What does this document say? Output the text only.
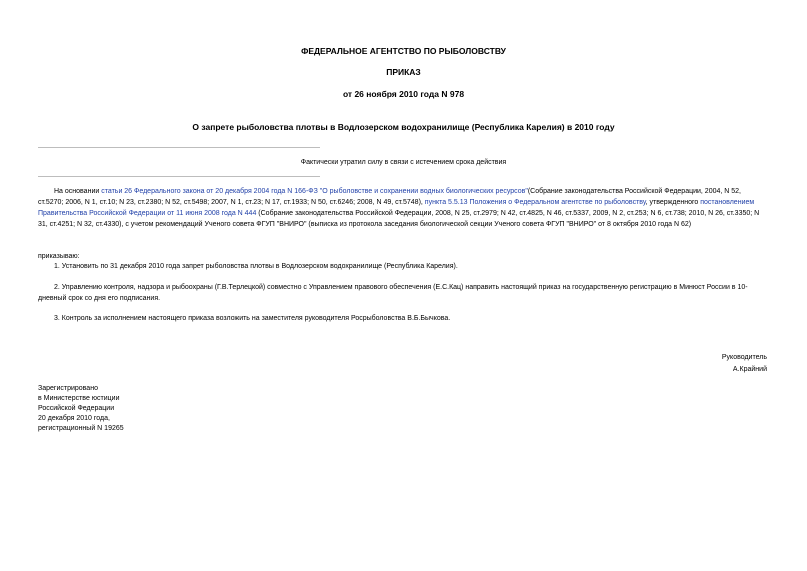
ФЕДЕРАЛЬНОЕ АГЕНТСТВО ПО РЫБОЛОВСТВУ
ПРИКАЗ
от 26 ноября 2010 года N 978
О запрете рыболовства плотвы в Водлозерском водохранилище (Республика Карелия) в 2010 году
Фактически утратил силу в связи с истечением срока действия
На основании статьи 26 Федерального закона от 20 декабря 2004 года N 166-ФЗ "О рыболовстве и сохранении водных биологических ресурсов"(Собрание законодательства Российской Федерации, 2004, N 52, ст.5270; 2006, N 1, ст.10; N 23, ст.2380; N 52, ст.5498; 2007, N 1, ст.23; N 17, ст.1933; N 50, ст.6246; 2008, N 49, ст.5748), пункта 5.5.13 Положения о Федеральном агентстве по рыболовству, утвержденного постановлением Правительства Российской Федерации от 11 июня 2008 года N 444 (Собрание законодательства Российской Федерации, 2008, N 25, ст.2979; N 42, ст.4825, N 46, ст.5337, 2009, N 2, ст.253; N 6, ст.738; 2010, N 26, ст.3350; N 31, ст.4251; N 32, ст.4330), с учетом рекомендаций Ученого совета ФГУП "ВНИРО" (выписка из протокола заседания биологической секции Ученого совета ФГУП "ВНИРО" от 8 октября 2010 года N 62)
приказываю:
1. Установить по 31 декабря 2010 года запрет рыболовства плотвы в Водлозерском водохранилище (Республика Карелия).
2. Управлению контроля, надзора и рыбоохраны (Г.В.Терлецкой) совместно с Управлением правового обеспечения (Е.С.Кац) направить настоящий приказ на государственную регистрацию в Минюст России в 10-дневный срок со дня его подписания.
3. Контроль за исполнением настоящего приказа возложить на заместителя руководителя Росрыболовства В.Б.Бычкова.
Руководитель
А.Крайний
Зарегистрировано
в Министерстве юстиции
Российской Федерации
20 декабря 2010 года,
регистрационный N 19265
